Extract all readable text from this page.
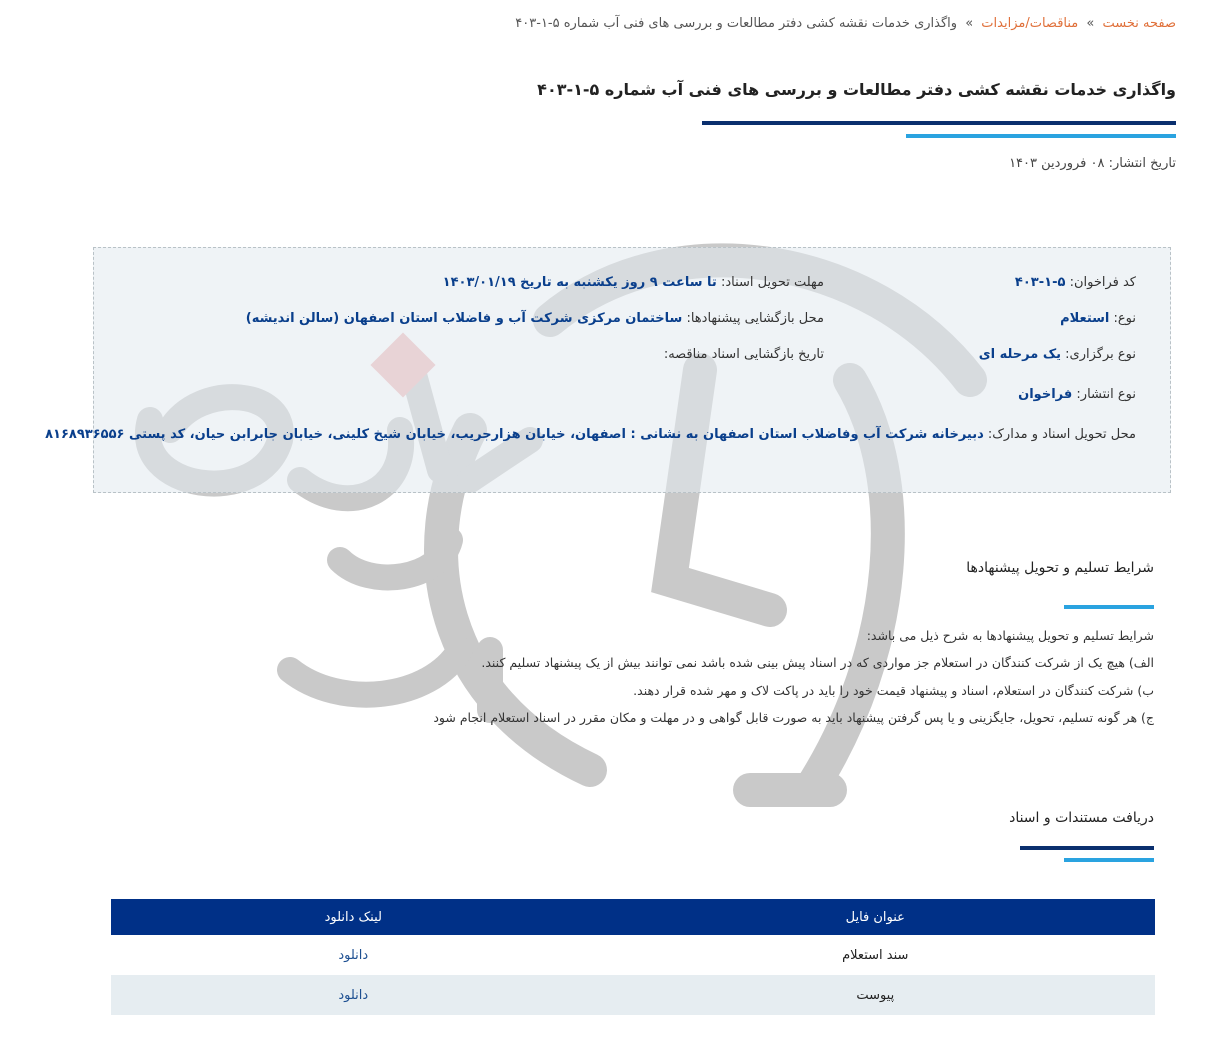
صفحه نخست » مناقصات/مزایدات » واگذاری خدمات نقشه کشی دفتر مطالعات و بررسی های فنی آب شماره ۵-۱-۴۰۳
واگذاری خدمات نقشه کشی دفتر مطالعات و بررسی های فنی آب شماره ۵-۱-۴۰۳
تاریخ انتشار: ۰۸ فروردین ۱۴۰۳
کد فراخوان: ۵-۱-۴۰۳
نوع: استعلام
نوع برگزاری: یک مرحله ای
نوع انتشار: فراخوان
محل تحویل اسناد و مدارک: دبیرخانه شرکت آب وفاضلاب استان اصفهان به نشانی : اصفهان، خیابان هزارجریب، خیابان شیخ کلینی، خیابان جابرابن حیان، کد پستی ۸۱۶۸۹۳۶۵۵۶
مهلت تحویل اسناد: تا ساعت ۹ روز یکشنبه به تاریخ ۱۴۰۳/۰۱/۱۹
محل بازگشایی پیشنهادها: ساختمان مرکزی شرکت آب و فاضلاب استان اصفهان (سالن اندیشه)
تاریخ بازگشایی اسناد مناقصه:
شرایط تسلیم و تحویل پیشنهادها
شرایط تسلیم و تحویل پیشنهادها به شرح ذیل می باشد:
الف) هیچ یک از شرکت کنندگان در استعلام جز مواردی که در اسناد پیش بینی شده باشد نمی توانند بیش از یک پیشنهاد تسلیم کنند.
ب) شرکت کنندگان در استعلام، اسناد و پیشنهاد قیمت خود را باید در پاکت لاک و مهر شده قرار دهند.
ج) هر گونه تسلیم، تحویل، جایگزینی و یا پس گرفتن پیشنهاد باید به صورت قابل گواهی و در مهلت و مکان مقرر در اسناد استعلام انجام شود
دریافت مستندات و اسناد
عنوان فایل	لینک دانلود
سند استعلام	دانلود
پیوست	دانلود
